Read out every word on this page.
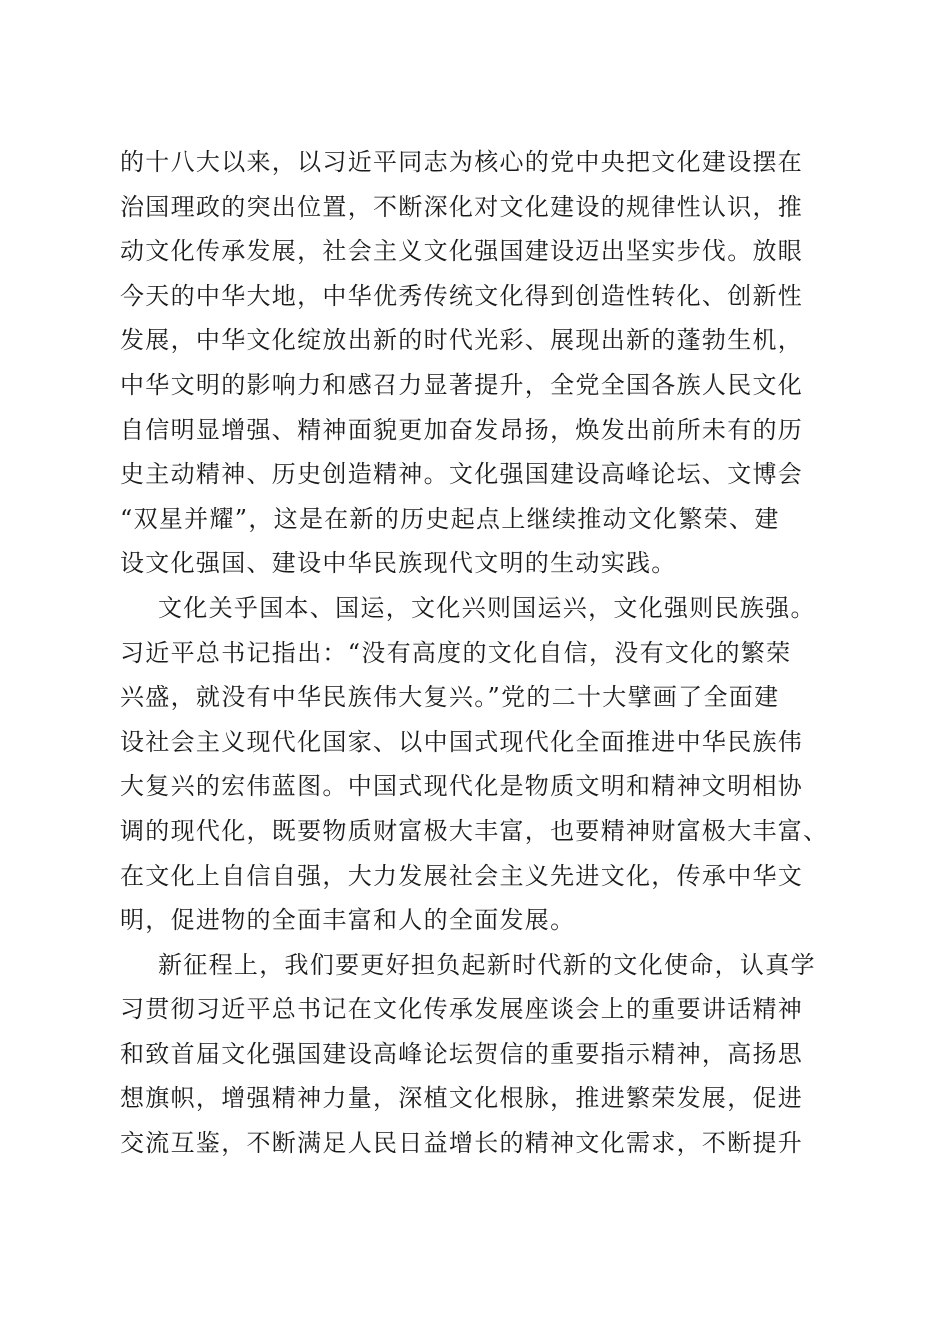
的十八大以来，以习近平同志为核心的党中央把文化建设摆在
治国理政的突出位置，不断深化对文化建设的规律性认识，推
动文化传承发展，社会主义文化强国建设迈出坚实步伐。放眼
今天的中华大地，中华优秀传统文化得到创造性转化、创新性
发展，中华文化绽放出新的时代光彩、展现出新的蓬勃生机，
中华文明的影响力和感召力显著提升，全党全国各族人民文化
自信明显增强、精神面貌更加奋发昂扬，焕发出前所未有的历
史主动精神、历史创造精神。文化强国建设高峰论坛、文博会
“双星并耀”，这是在新的历史起点上继续推动文化繁荣、建
设文化强国、建设中华民族现代文明的生动实践。
文化关乎国本、国运，文化兴则国运兴，文化强则民族强。
习近平总书记指出：“没有高度的文化自信，没有文化的繁荣
兴盛，就没有中华民族伟大复兴。”党的二十大擘画了全面建
设社会主义现代化国家、以中国式现代化全面推进中华民族伟
大复兴的宏伟蓝图。中国式现代化是物质文明和精神文明相协
调的现代化，既要物质财富极大丰富，也要精神财富极大丰富、
在文化上自信自强，大力发展社会主义先进文化，传承中华文
明，促进物的全面丰富和人的全面发展。
新征程上，我们要更好担负起新时代新的文化使命，认真学
习贯彻习近平总书记在文化传承发展座谈会上的重要讲话精神
和致首届文化强国建设高峰论坛贺信的重要指示精神，高扬思
想旗帜，增强精神力量，深植文化根脉，推进繁荣发展，促进
交流互鉴，不断满足人民日益增长的精神文化需求，不断提升
